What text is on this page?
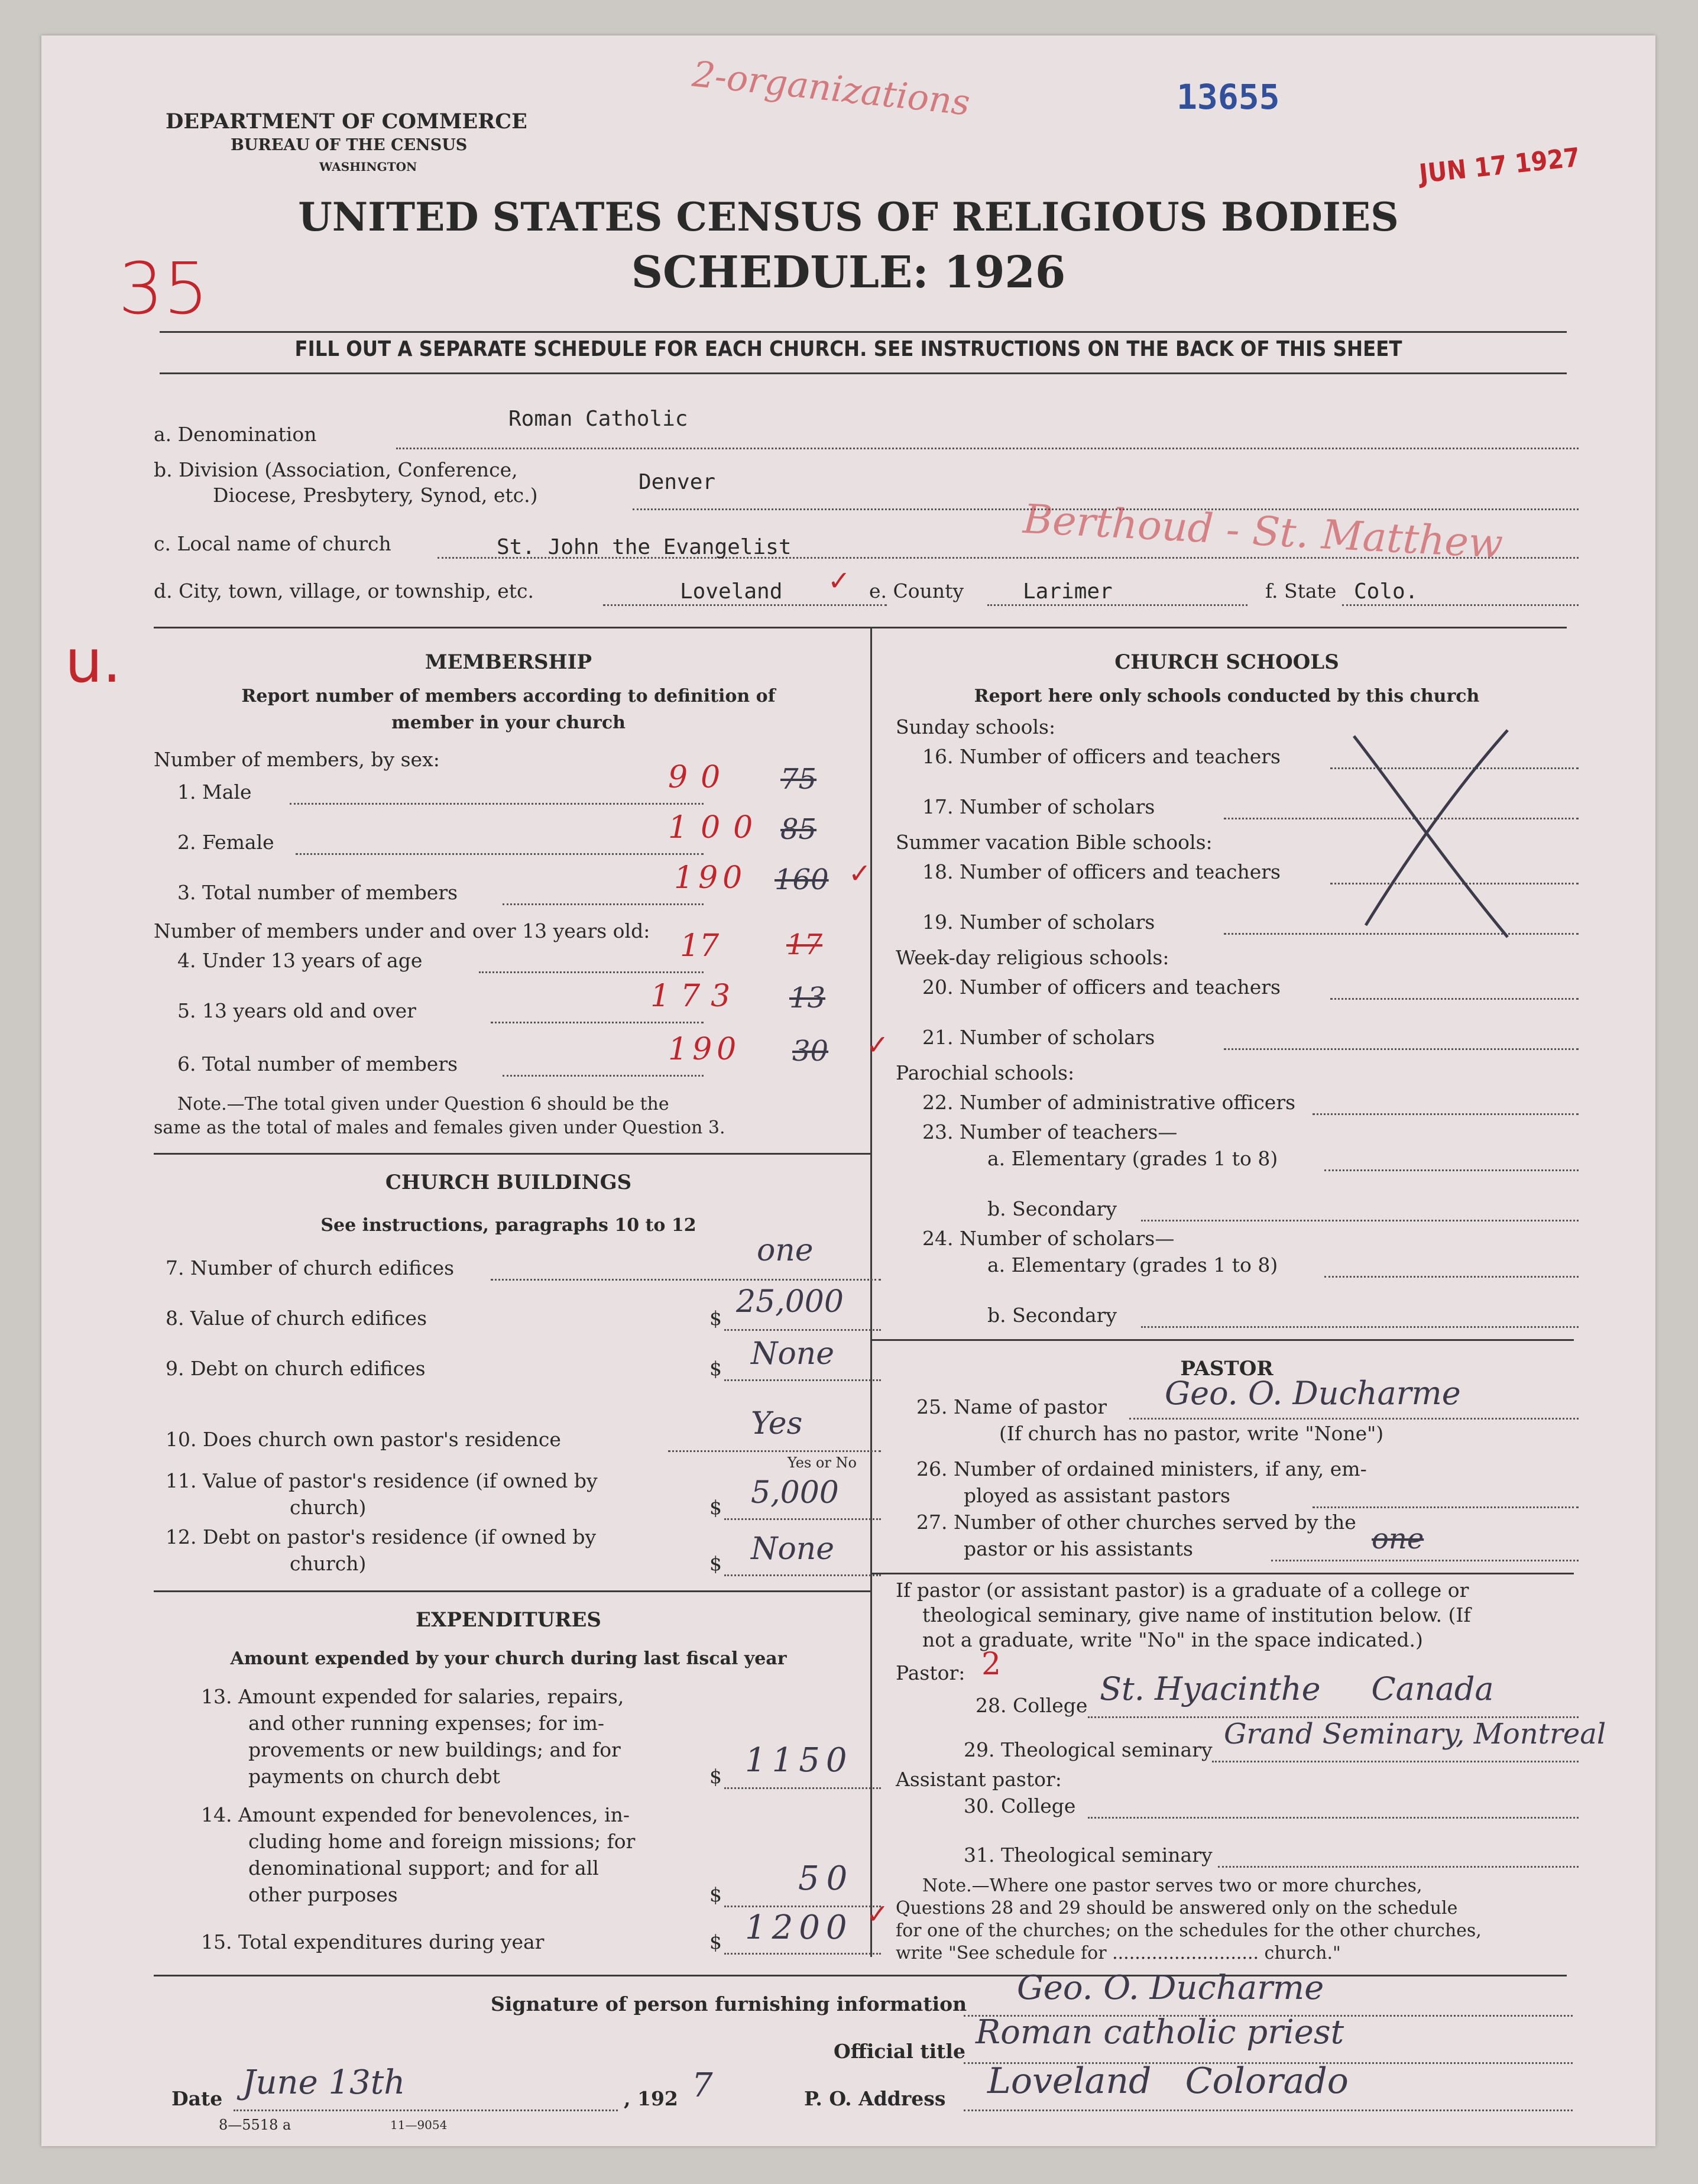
DEPARTMENT OF COMMERCE
BUREAU OF THE CENSUS
WASHINGTON
13655
2-organizations
JUN 17 1927
UNITED STATES CENSUS OF RELIGIOUS BODIES
SCHEDULE: 1926
35
FILL OUT A SEPARATE SCHEDULE FOR EACH CHURCH. SEE INSTRUCTIONS ON THE BACK OF THIS SHEET
a. Denomination
Roman Catholic
b. Division (Association, Conference,
Diocese, Presbytery, Synod, etc.)
Denver
c. Local name of church	St. John the Evangelist	Berthoud - St. Matthew
d. City, town, village, or township, etc.	Loveland ✓ e. County	Larimer	f. State Colo.
u.	MEMBERSHIP
Report number of members according to definition of
member in your church
Number of members, by sex:
1. Male	90 75
2. Female	100 85
3. Total number of members	190 160 ✓
Number of members under and over 13 years old:
4. Under 13 years of age	17 17
5. 13 years old and over	173 13
6. Total number of members	190 30 ✓
Note.—The total given under Question 6 should be the
same as the total of males and females given under Question 3.
CHURCH BUILDINGS
See instructions, paragraphs 10 to 12
7. Number of church edifices	one
8. Value of church edifices	$ 25,000
9. Debt on church edifices	$ None
10. Does church own pastor's residence	Yes
Yes or No
11. Value of pastor's residence (if owned by
church)	$ 5,000
12. Debt on pastor's residence (if owned by
church)	$ None
EXPENDITURES
Amount expended by your church during last fiscal year
13. Amount expended for salaries, repairs,
and other running expenses; for im-
provements or new buildings; and for
payments on church debt	$ 1150
14. Amount expended for benevolences, in-
cluding home and foreign missions; for
denominational support; and for all
other purposes	$ 50
15. Total expenditures during year	$ 1200 ✓
CHURCH SCHOOLS
Report here only schools conducted by this church
Sunday schools:
16. Number of officers and teachers
17. Number of scholars
Summer vacation Bible schools:
18. Number of officers and teachers
19. Number of scholars
Week-day religious schools:
20. Number of officers and teachers
21. Number of scholars
Parochial schools:
22. Number of administrative officers
23. Number of teachers—
a. Elementary (grades 1 to 8)
b. Secondary
24. Number of scholars—
a. Elementary (grades 1 to 8)
b. Secondary
PASTOR
25. Name of pastor Geo. O. Ducharme
(If church has no pastor, write "None")
26. Number of ordained ministers, if any, em-
ployed as assistant pastors
27. Number of other churches served by the
pastor or his assistants	one
If pastor (or assistant pastor) is a graduate of a college or
theological seminary, give name of institution below. (If
not a graduate, write "No" in the space indicated.)
Pastor: 2
28. College St. Hyacinthe     Canada
29. Theological seminary Grand Seminary, Montreal
Assistant pastor:
30. College
31. Theological seminary
Note.—Where one pastor serves two or more churches,
Questions 28 and 29 should be answered only on the schedule
for one of the churches; on the schedules for the other churches,
write "See schedule for .......................... church."
Signature of person furnishing information Geo. O. Ducharme
Official title Roman catholic priest
Date June 13th	, 192 7	P. O. Address Loveland   Colorado
8—5518 a	11—9054
